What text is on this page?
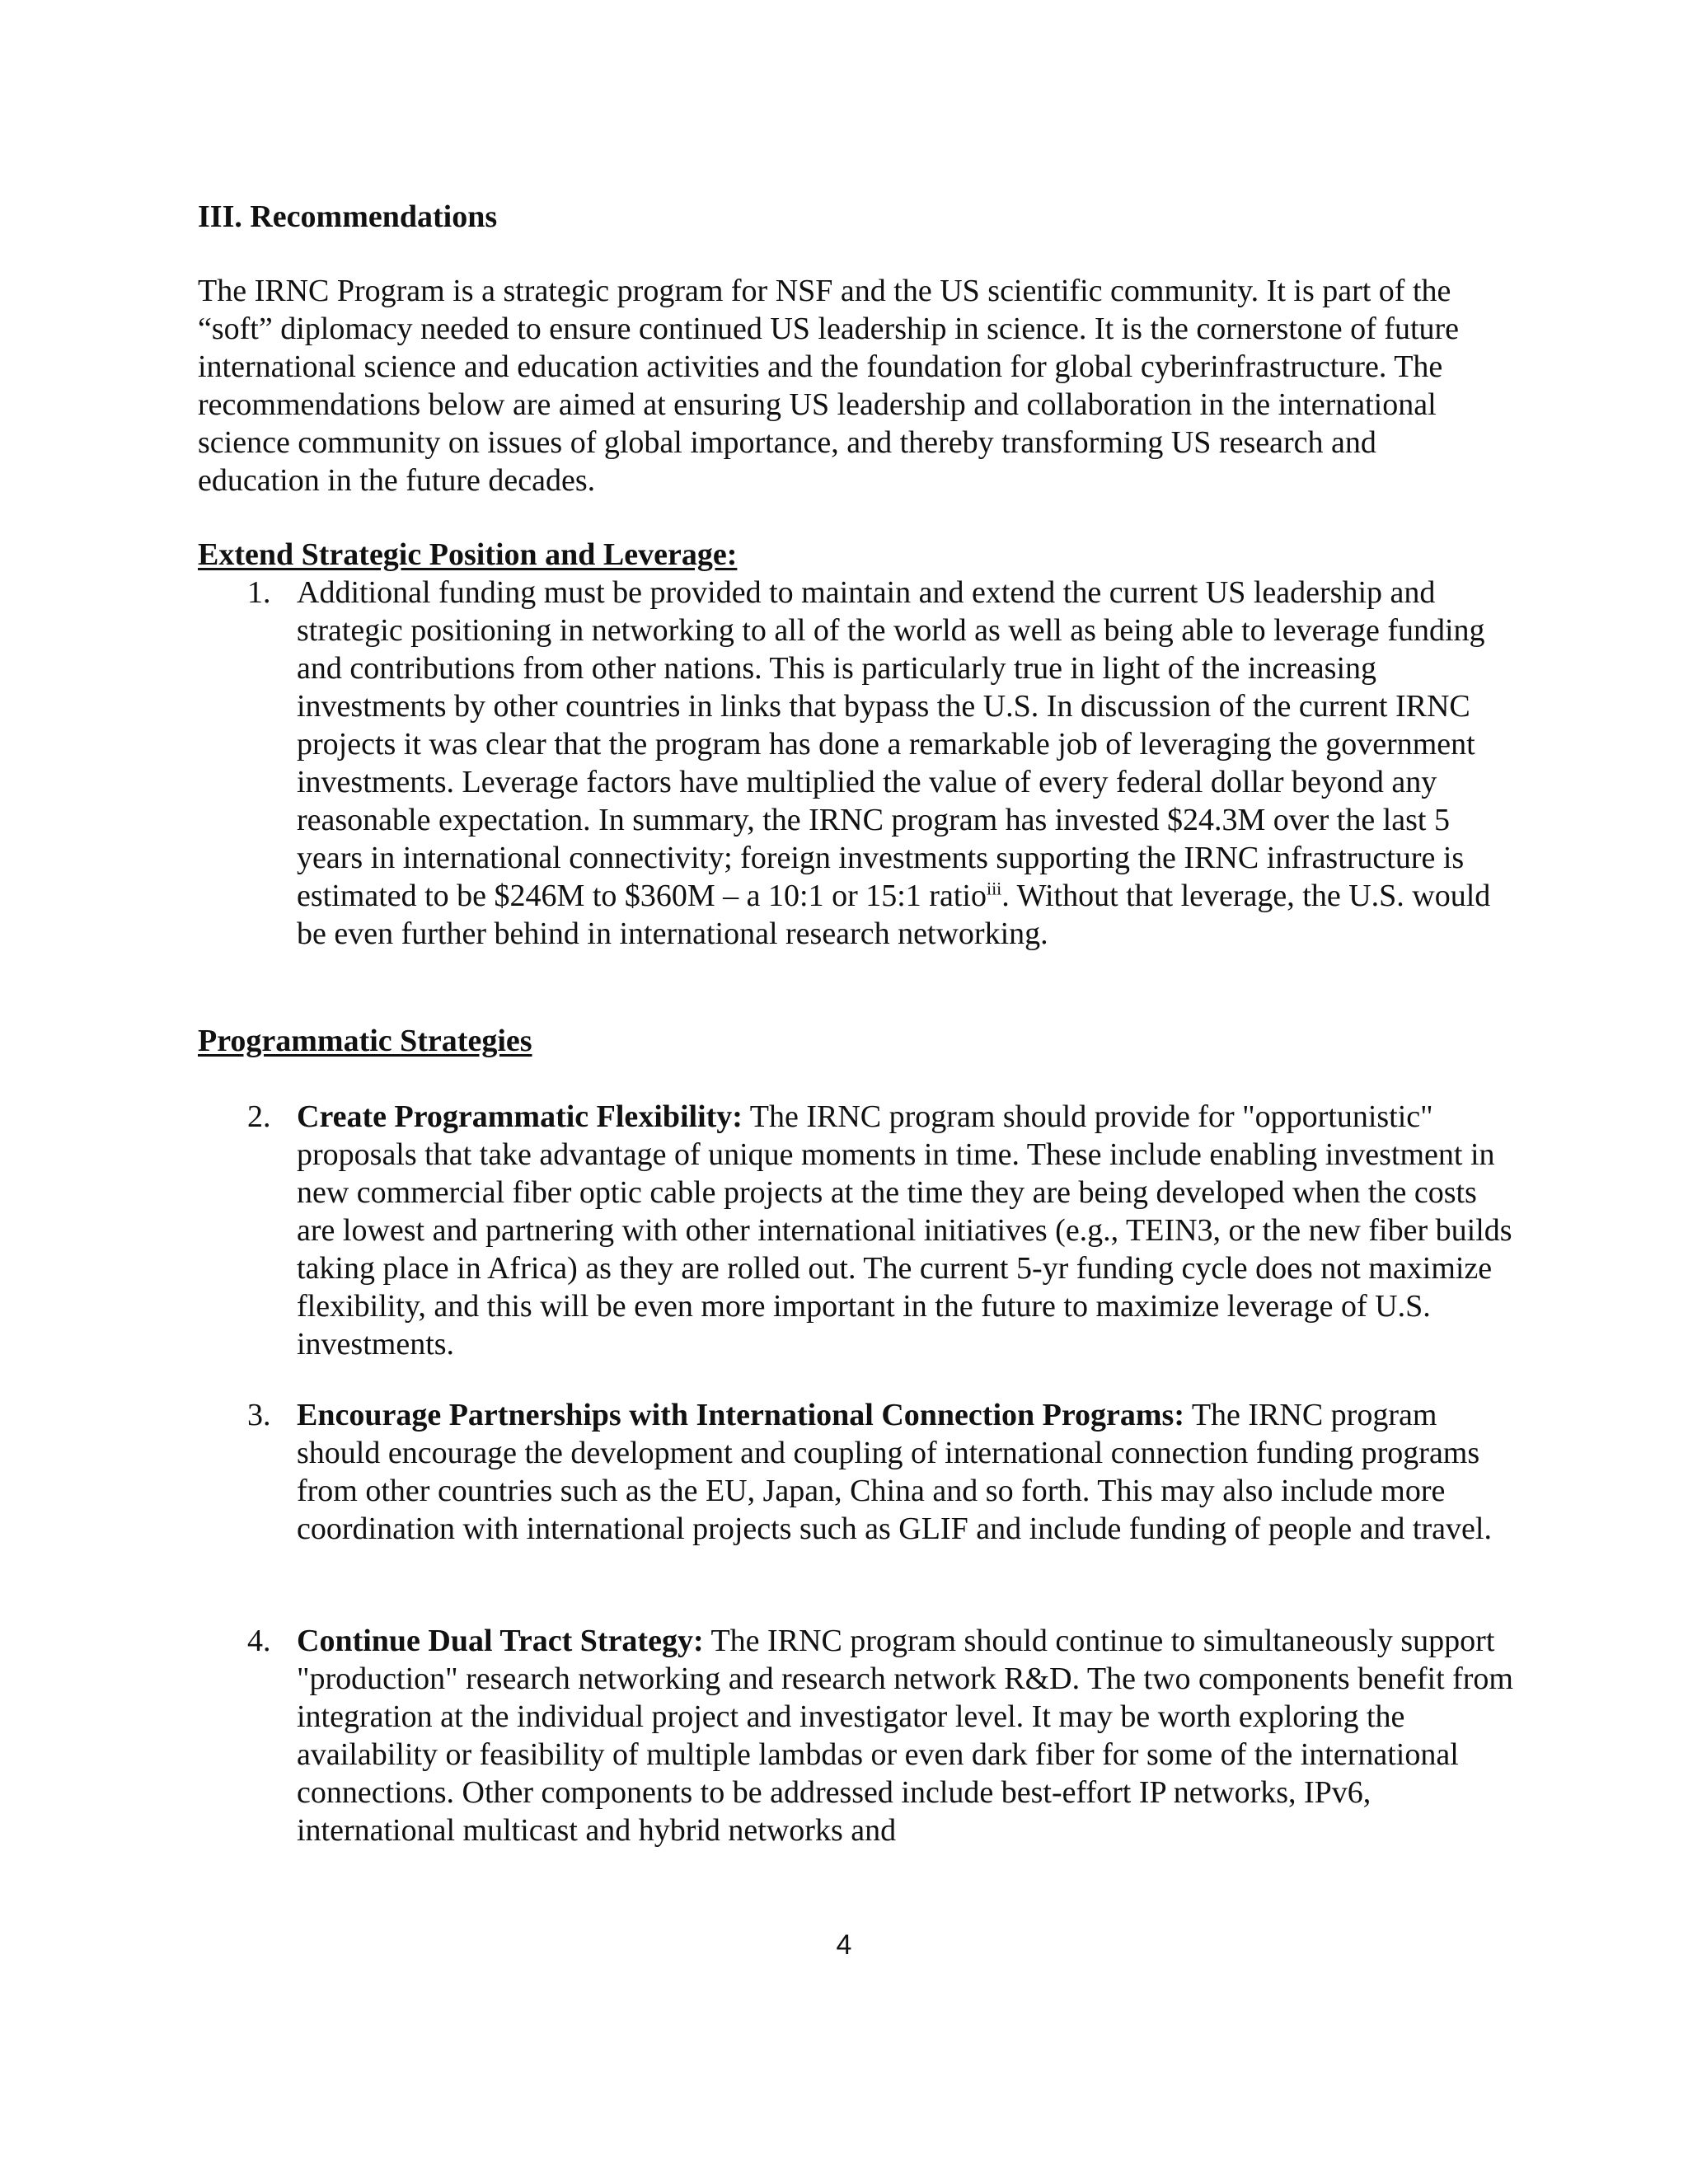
III. Recommendations
The IRNC Program is a strategic program for NSF and the US scientific community. It is part of the “soft” diplomacy needed to ensure continued US leadership in science. It is the cornerstone of future international science and education activities and the foundation for global cyberinfrastructure. The recommendations below are aimed at ensuring US leadership and collaboration in the international science community on issues of global importance, and thereby transforming US research and education in the future decades.
Extend Strategic Position and Leverage:
1. Additional funding must be provided to maintain and extend the current US leadership and strategic positioning in networking to all of the world as well as being able to leverage funding and contributions from other nations. This is particularly true in light of the increasing investments by other countries in links that bypass the U.S. In discussion of the current IRNC projects it was clear that the program has done a remarkable job of leveraging the government investments. Leverage factors have multiplied the value of every federal dollar beyond any reasonable expectation. In summary, the IRNC program has invested $24.3M over the last 5 years in international connectivity; foreign investments supporting the IRNC infrastructure is estimated to be $246M to $360M – a 10:1 or 15:1 ratio$^{iii}$. Without that leverage, the U.S. would be even further behind in international research networking.
Programmatic Strategies
2. Create Programmatic Flexibility: The IRNC program should provide for "opportunistic" proposals that take advantage of unique moments in time. These include enabling investment in new commercial fiber optic cable projects at the time they are being developed when the costs are lowest and partnering with other international initiatives (e.g., TEIN3, or the new fiber builds taking place in Africa) as they are rolled out. The current 5-yr funding cycle does not maximize flexibility, and this will be even more important in the future to maximize leverage of U.S. investments.
3. Encourage Partnerships with International Connection Programs: The IRNC program should encourage the development and coupling of international connection funding programs from other countries such as the EU, Japan, China and so forth. This may also include more coordination with international projects such as GLIF and include funding of people and travel.
4. Continue Dual Tract Strategy: The IRNC program should continue to simultaneously support "production" research networking and research network R&D. The two components benefit from integration at the individual project and investigator level. It may be worth exploring the availability or feasibility of multiple lambdas or even dark fiber for some of the international connections. Other components to be addressed include best-effort IP networks, IPv6, international multicast and hybrid networks and
4
